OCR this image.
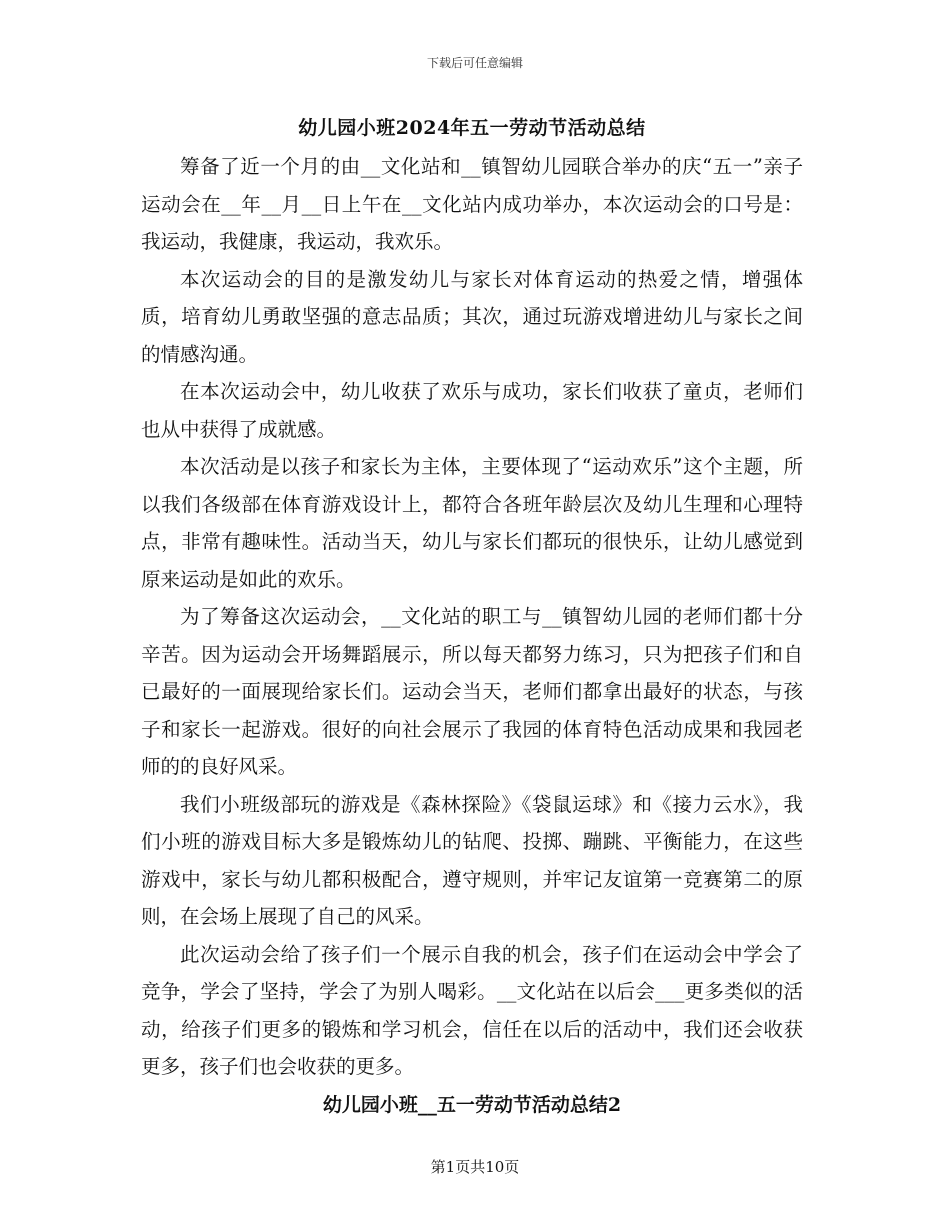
下载后可任意编辑
幼儿园小班2024年五一劳动节活动总结

筹备了近一个月的由__文化站和__镇智幼儿园联合举办的庆“五一”亲子运动会在__年__月__日上午在__文化站内成功举办，本次运动会的口号是：我运动，我健康，我运动，我欢乐。

本次运动会的目的是激发幼儿与家长对体育运动的热爱之情，增强体质，培育幼儿勇敢坚强的意志品质；其次，通过玩游戏增进幼儿与家长之间的情感沟通。

在本次运动会中，幼儿收获了欢乐与成功，家长们收获了童贞，老师们也从中获得了成就感。

本次活动是以孩子和家长为主体，主要体现了“运动欢乐”这个主题，所以我们各级部在体育游戏设计上，都符合各班年龄层次及幼儿生理和心理特点，非常有趣味性。活动当天，幼儿与家长们都玩的很快乐，让幼儿感觉到原来运动是如此的欢乐。

为了筹备这次运动会，__文化站的职工与__镇智幼儿园的老师们都十分辛苦。因为运动会开场舞蹈展示，所以每天都努力练习，只为把孩子们和自已最好的一面展现给家长们。运动会当天，老师们都拿出最好的状态，与孩子和家长一起游戏。很好的向社会展示了我园的体育特色活动成果和我园老师的的良好风采。

我们小班级部玩的游戏是《森林探险》《袋鼠运球》和《接力云水》，我们小班的游戏目标大多是锻炼幼儿的钻爬、投掷、蹦跳、平衡能力，在这些游戏中，家长与幼儿都积极配合，遵守规则，并牢记友谊第一竞赛第二的原则，在会场上展现了自己的风采。

此次运动会给了孩子们一个展示自我的机会，孩子们在运动会中学会了竞争，学会了坚持，学会了为别人喝彩。__文化站在以后会___更多类似的活动，给孩子们更多的锻炼和学习机会，信任在以后的活动中，我们还会收获更多，孩子们也会收获的更多。

幼儿园小班__五一劳动节活动总结2
第1页共10页
